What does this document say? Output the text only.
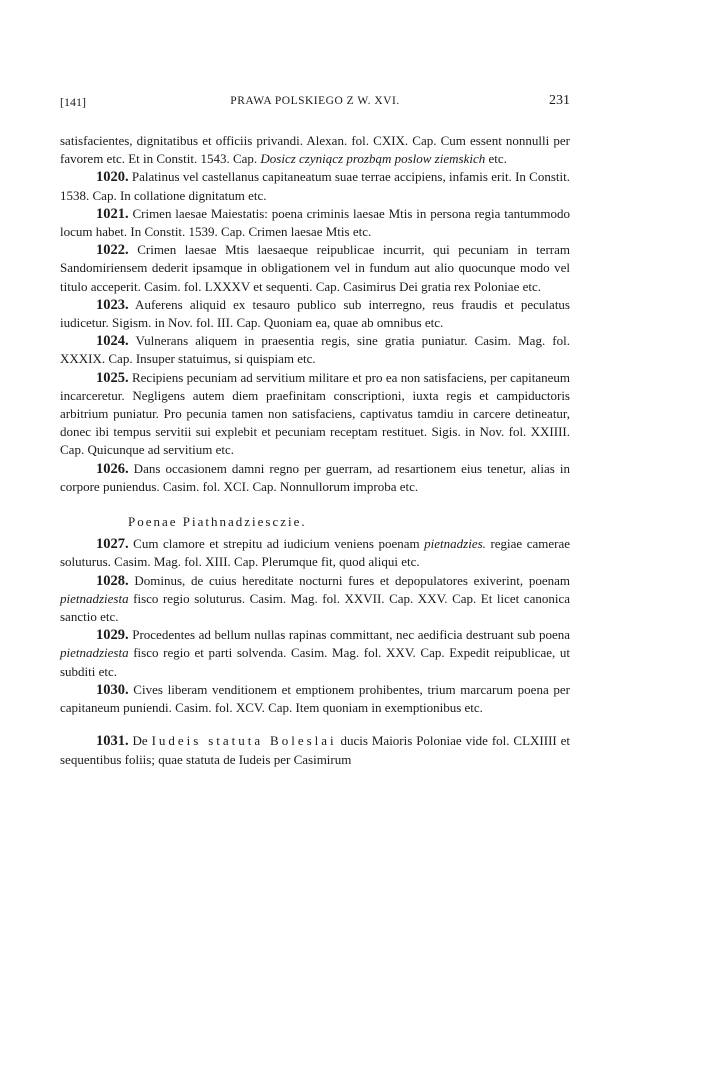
[141]	PRAWA POLSKIEGO Z W. XVI.	231

satisfacientes, dignitatibus et officiis privandi. Alexan. fol. CXIX. Cap. Cum essent nonnulli per favorem etc. Et in Constit. 1543. Cap. Dosicz czyniącz prozbąm poslow ziemskich etc.

1020. Palatinus vel castellanus capitaneatum suae terrae accipiens, infamis erit. In Constit. 1538. Cap. In collatione dignitatum etc.

1021. Crimen laesae Maiestatis: poena criminis laesae Mtis in persona regia tantummodo locum habet. In Constit. 1539. Cap. Crimen laesae Mtis etc.

1022. Crimen laesae Mtis laesaeque reipublicae incurrit, qui pecuniam in terram Sandomiriensem dederit ipsamque in obligationem vel in fundum aut alio quocunque modo vel titulo acceperit. Casim. fol. LXXXV et sequenti. Cap. Casimirus Dei gratia rex Poloniae etc.

1023. Auferens aliquid ex tesauro publico sub interregno, reus fraudis et peculatus iudicetur. Sigism. in Nov. fol. III. Cap. Quoniam ea, quae ab omnibus etc.

1024. Vulnerans aliquem in praesentia regis, sine gratia puniatur. Casim. Mag. fol. XXXIX. Cap. Insuper statuimus, si quispiam etc.

1025. Recipiens pecuniam ad servitium militare et pro ea non satisfaciens, per capitaneum incarceretur. Negligens autem diem praefinitam conscriptioni, iuxta regis et campiductoris arbitrium puniatur. Pro pecunia tamen non satisfaciens, captivatus tamdiu in carcere detineatur, donec ibi tempus servitii sui explebit et pecuniam receptam restituet. Sigis. in Nov. fol. XXIIII. Cap. Quicunque ad servitium etc.

1026. Dans occasionem damni regno per guerram, ad resartionem eius tenetur, alias in corpore puniendus. Casim. fol. XCI. Cap. Nonnullorum improba etc.

Poenae Piathnadziesczie.

1027. Cum clamore et strepitu ad iudicium veniens poenam pietnadzies. regiae camerae soluturus. Casim. Mag. fol. XIII. Cap. Plerumque fit, quod aliqui etc.

1028. Dominus, de cuius hereditate nocturni fures et depopulatores exiverint, poenam pietnadziesta fisco regio soluturus. Casim. Mag. fol. XXVII. Cap. XXV. Cap. Et licet canonica sanctio etc.

1029. Procedentes ad bellum nullas rapinas committant, nec aedificia destruant sub poena pietnadziesta fisco regio et parti solvenda. Casim. Mag. fol. XXV. Cap. Expedit reipublicae, ut subditi etc.

1030. Cives liberam venditionem et emptionem prohibentes, trium marcarum poena per capitaneum puniendi. Casim. fol. XCV. Cap. Item quoniam in exemptionibus etc.

1031. De Iudeis statuta Boleslai ducis Maioris Poloniae vide fol. CLXIIII et sequentibus foliis; quae statuta de Iudeis per Casimirum
